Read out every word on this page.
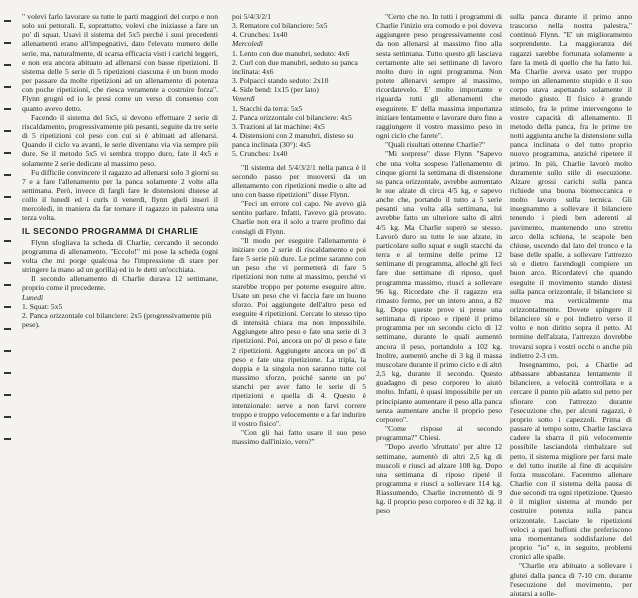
" volevi farlo lavorare su tutte le parti maggiori del corpo e non solo sui pettorali. E, soprattutto, volevi che iniziasse a fare un po' di squat. Usavi il sistema del 5x5 perché i suoi precedenti allenamenti erano all'impegnativi, dato l'elevato numero delle serie, ma, naturalmente, di scarsa efficacia visti i carichi leggeri, e non era ancora abituato ad allenarsi con basse ripetizioni. Il sistema delle 5 serie di 5 ripetizioni ciascuna è un buon modo per passare da molte ripetizioni ad un allenamento di potenza con poche ripetizioni, che riesca veramente a costruire forza". Flynn grugnì ed io le presi come un verso di consenso con quanto avevo detto.

Facendo il sistema del 5x5, si devono effettuare 2 serie di riscaldamento, progressivamente più pesanti, seguite da tre serie di 5 ripetizioni col peso con cui si è abituati ad allenarsi. Quando il ciclo va avanti, le serie diventano via via sempre più dure. Se il metodo 5x5 vi sembra troppo duro, fate il 4x5 e solamente 2 serie dedicate al massimo peso.

Fu difficile convincere il ragazzo ad allenarsi solo 3 giorni su 7 e a fare l'allenamento per la panca solamente 2 volte alla settimana. Però, invece di fargli fare le distensioni distese al collo il lunedì ed i curls il venerdì, flynn gheli inserì il mercoledì, in maniera da far tornare il ragazzo in palestra una terza volta.

IL SECONDO PROGRAMMA DI CHARLIE

Flynn sfogliava la scheda di Charlie, cercando il secondo programma di allenamento. "Eccolo!" mi pose la scheda (ogni volta che mi porge qualcosa ho l'impressione di stare per stringere la mano ad un gorilla) ed io le detti un'occhiata.

Il secondo allenamento di Charlie durava 12 settimane, proprio come il precedente.

Lunedì

1. Squat: 5x5

2. Panca orizzontale col bilanciere: 2x5 (progressivamente più pese).

poi 5/4/3/2/1

3. Rematore col bilanciere: 5x5

4. Crunches: 1x40

Mercoledì

1. Lento con due manubri, seduto: 4x6

2. Curl con due manubri, seduto su panca inclinata: 4x6

3. Polpacci stando seduto: 2x10

4. Side bend: 1x15 (per lato)

Venerdì

1. Stacchi da terra: 5x5

2. Panca orizzontale col bilanciere: 4x5

3. Trazioni al lat machine: 4x5

4. Distensioni con 2 manubri, disteso su panca inclinata (30°): 4x5

5. Crunches: 1x40

"Il sistema del 5/4/3/2/1 nella panca è il secondo passo per muoversi da un allenamento con ripetizioni medie o alte ad uno con basse ripetizioni" disse Flynn.

"Feci un errore col capo. Ne avevo già sentito parlare. Infatti, l'avevo già provato. Charlie non era il solo a trarre profitto dai consigli di Flynn.

"Il modo per eseguire l'allenamento è iniziare con 2 serie di riscaldamento e poi fare 5 serie più dure. Le prime saranno con un peso che vi permetterà di fare 5 ripetizioni non tutte al massimo, perché vi starebbe troppo per poterne eseguire altre. Usate un peso che vi faccia fare un buono sforzo. Poi aggiungete dell'altro peso ed eseguite 4 ripetizioni. Cercate lo stesso tipo di intensità chiara ma non impossibile. Aggiungete altro peso e fate una serie di 3 ripetizioni. Poi, ancora un po' di peso e fate 2 ripetizioni. Aggiungete ancora un po' di peso e fate una ripetizione. La tripla, la doppia e la singola non saranno tutte col massimo sforzo, poiché sarete un po' stanchi per aver fatto le serie di 5 ripetizioni e quella di 4. Questo è intenzionale: serve a non farvi correre troppo e troppo velocemente e a far indurire il vostro fisico".

"Con gli hai fatto usare il suo peso massimo dall'inizio, vero?"

"Certo che no. In tutti i programmi di Charlie l'inizio era comodo e poi doveva aggiungere peso progressivamente così da non allenarsi al massimo fino alla sesta settimana. Tutto questo gli lasciava certamente alte sei settimane di lavoro molto duro in ogni programma. Non potete allenarvi sempre al massimo, ricordatevelo. E' molto importante e riguarda tutti gli allenamenti che eseguirete. E' della massima importanza iniziare lentamente e lavorare duro fino a raggiungere il vostro massimo peso in ogni ciclo che farete".

"Quali risultati ottenne Charlie?"

"Mi sorprese" disse Flynn "Sapevo che una volta sospeso l'allenamento di cinque giorni la settimana di distensione su panca orizzontale, avrebbe aumentato le sue alzate di circa 4/5 kg, e sapevo anche che, portando il tutto a 5 serie pesanti una volta alla settimana, lui avrebbe fatto un ulteriore salto di altri 4/5 kg. Ma Charlie superò se stesso. Lavorò duro su tutte le sue alzate, in particolare sullo squat e sugli stacchi da terra e al termine delle prime 12 settimane di programma, alloché gli feci fare due settimane di riposo, quel programma massimo, riuscì a sollevare 96 kg. Ricordate che il ragazzo era rimasto fermo, per un intero anno, a 82 kg. Dopo queste prove si prese una settimana di riposo e ripeté il primo programma per un secondo ciclo di 12 settimane, durante le quali aumentò ancora il peso, portandolo a 102 kg. Inoltre, aumentò anche di 3 kg il massa muscolare durante il primo ciclo e di altri 2,5 kg, durante il secondo. Questo guadagno di peso corporeo lo aiutò molto. Infatti, è quasi impossibile per un principiante aumentare il peso alla panca senza aumentare anche il proprio peso corporeo".

"Come rispose al secondo programma?" Chiesi.

"Dopo averlo 'sfruttato' per altre 12 settimane, aumentò di altri 2,5 kg di muscoli e riuscì ad alzare 108 kg. Dopo una settimana di riposo ripeté il programma e riuscì a sollevare 114 kg. Riassumendo, Charlie incrementò di 9 kg. il proprio peso corporeo e di 32 kg. il peso

sulla panca durante il primo anno trascorso nella nostra palestra," continuò Flynn. "E' un miglioramento sorprendente. La maggioranza dei ragazzi sarebbe fortunata solamente a fare la metà di quello che ha fatto lui. Ma Charlie aveva usato per troppo tempo un allenamento stupido e il suo corpo stava aspettando solamente il metodo giusto. Il fisico è grande stimolo, fra le prime intervengono le vostre capacità di allenamento. Il metodo della panca, fra le prime tre notti aggiunta anche la distensione sulla panca inclinata o del tutto proprio nuovo programma, anziché ripetere il primo. In più, Charlie lavorò molto duramente sullo stile di esecuzione. Alzare grossi carichi sulla panca richiede una buona biomeccanica e molto lavoro sulla tecnica. Gli insegnammo a sollevare il bilanciere tenendo i piedi ben aderenti al pavimento, mantenendo uno stretto arco della schiena, le scapole ben chiuse, uscendo dal lato del tronco e la base delle spalle, a sollevare l'attrezzo sù e dietro facendogli compiere un buon arco. Ricordatevi che quando eseguite il movimento stando distesi sulla panca orizzontale, il bilanciere si muove ma verticalmente ma orizzontalmente. Dovete spingere il bilanciere sù e poi indietro verso il volto e non diritto sopra il petto. Al termine dell'alzata, l'attrezzo dovrebbe trovarsi sopra i vostri occhi o anche più indietro 2-3 cm.

Insegnammo, poi, a Charlie ad abbassare abbastanza lentamente il bilanciere, a velocità controllata e a cercare il punto più adatto sul petto per sfiorare con l'attrezzo durante l'esecuzione che, per alcuni ragazzi, è proprio sotto i capezzoli. Prima di passare al tempo sotto, Charlie lasciava cadere la sbarra il più velocemente possibile lasciandola rimbalzare sul petto, il sistema migliore per farsi male e del tutto inutile al fine di acquisire forza muscolare. Facemmo allenare Charlie con il sistema della pausa di due secondi tra ogni ripetizione. Questo è il miglior sistema al mondo per costruire potenza sulla panca orizzontale. Lasciate le ripetizioni veloci a quei buffoni che preferiscono una momentanea soddisfazione del proprio "io" e, in seguito, problemi cronici alle spalle.

"Charlie era abituato a sollevare i glutei dalla panca di 7-10 cm. durante l'esecuzione del movimento, per aiutarsi a solle-
